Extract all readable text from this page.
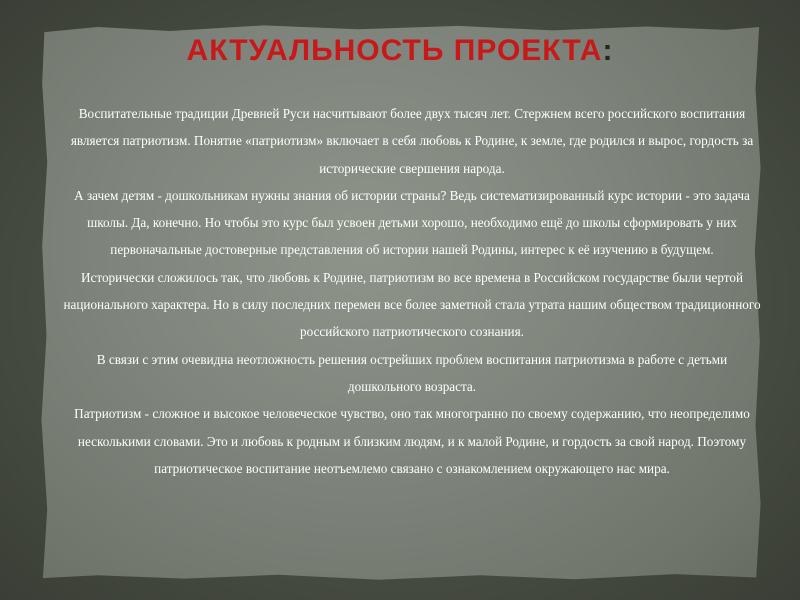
АКТУАЛЬНОСТЬ ПРОЕКТА:

Воспитательные традиции Древней Руси насчитывают более двух тысяч лет. Стержнем всего российского воспитания является патриотизм. Понятие «патриотизм» включает в себя любовь к Родине, к земле, где родился и вырос, гордость за исторические свершения народа.

А зачем детям - дошкольникам нужны знания об истории страны? Ведь систематизированный курс истории - это задача школы. Да, конечно. Но чтобы это курс был усвоен детьми хорошо, необходимо ещё до школы сформировать у них первоначальные достоверные представления об истории нашей Родины, интерес к её изучению в будущем.

Исторически сложилось так, что любовь к Родине, патриотизм во все времена в Российском государстве были чертой национального характера. Но в силу последних перемен все более заметной стала утрата нашим обществом традиционного российского патриотического сознания.

В связи с этим очевидна неотложность решения острейших проблем воспитания патриотизма в работе с детьми дошкольного возраста.

Патриотизм - сложное и высокое человеческое чувство, оно так многогранно по своему содержанию, что неопределимо несколькими словами. Это и любовь к родным и близким людям, и к малой Родине, и гордость за свой народ. Поэтому патриотическое воспитание неотъемлемо связано с ознакомлением окружающего нас мира.
